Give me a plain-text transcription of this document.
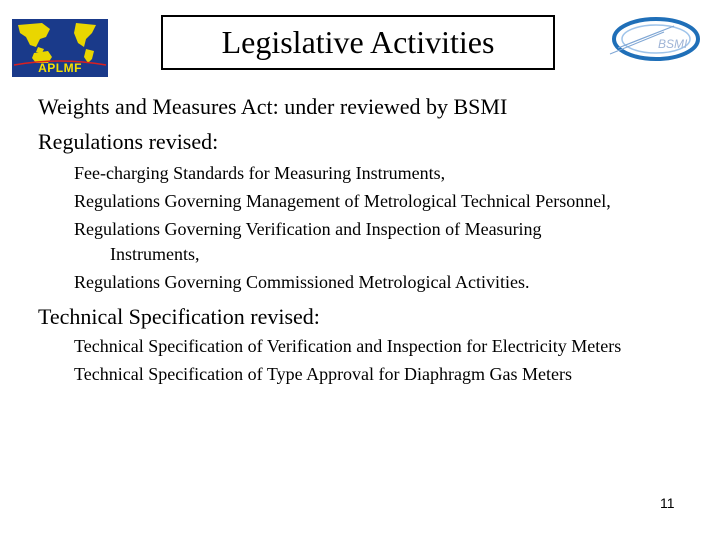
APLMF
Legislative Activities	BSMI
Weights and Measures Act: under reviewed by BSMI
Regulations revised:
Fee-charging Standards for Measuring Instruments,
Regulations Governing Management of Metrological Technical Personnel,
Regulations Governing Verification and Inspection of Measuring
Instruments,
Regulations Governing Commissioned Metrological Activities.
Technical Specification revised:
Technical Specification of Verification and Inspection for Electricity Meters
Technical Specification of Type Approval for Diaphragm Gas Meters
11
